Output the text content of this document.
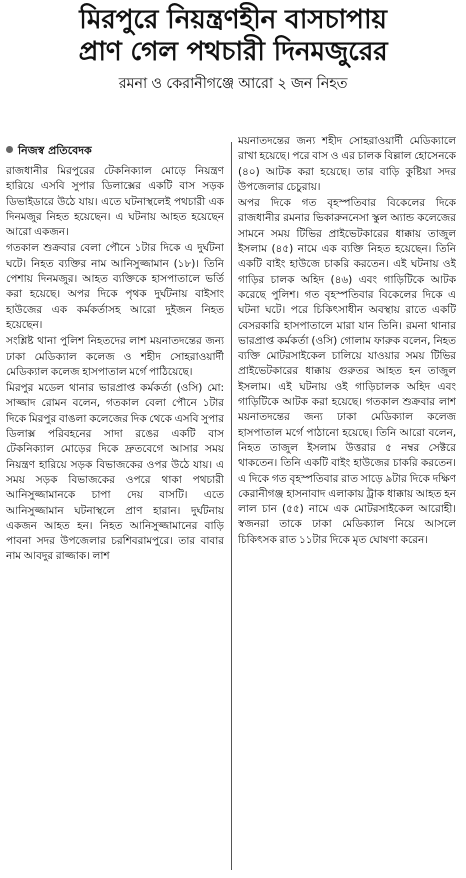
মিরপুরে নিয়ন্ত্রণহীন বাসচাপায়
প্রাণ গেল পথচারী দিনমজুরের
রমনা ও কেরানীগঞ্জে আরো ২ জন নিহত
নিজস্ব প্রতিবেদক

রাজধানীর মিরপুরের টেকনিক্যাল মোড়ে নিয়ন্ত্রণ হারিয়ে এসবি সুপার ডিলাক্সের একটি বাস সড়ক ডিভাইডারে উঠে যায়। এতে ঘটনাস্থলেই পথচারী এক দিনমজুর নিহত হয়েছেন। এ ঘটনায় আহত হয়েছেন আরো একজন।

গতকাল শুক্রবার বেলা পৌনে ১টার দিকে এ দুর্ঘটনা ঘটে। নিহত ব্যক্তির নাম আনিসুজ্জামান (১৮)। তিনি পেশায় দিনমজুর। আহত ব্যক্তিকে হাসপাতালে ভর্তি করা হয়েছে। অপর দিকে পৃথক দুর্ঘটনায় বাইসাং হাউজের এক কর্মকর্তাসহ আরো দুইজন নিহত হয়েছেন।

সংশ্লিষ্ট থানা পুলিশ নিহতদের লাশ ময়নাতদন্তের জন্য ঢাকা মেডিক্যাল কলেজ ও শহীদ সোহরাওয়ার্দী মেডিক্যাল কলেজ হাসপাতাল মর্গে পাঠিয়েছে।

মিরপুর মডেল থানার ভারপ্রাপ্ত কর্মকর্তা (ওসি) মো: সাজ্জাদ রোমন বলেন, গতকাল বেলা পৌনে ১টার দিকে মিরপুর বাঙলা কলেজের দিক থেকে এসবি সুপার ডিলাক্স পরিবহনের সাদা রঙের একটি বাস টেকনিক্যাল মোড়ের দিকে দ্রুতবেগে আসার সময় নিয়ন্ত্রণ হারিয়ে সড়ক বিভাজকের ওপর উঠে যায়। এ সময় সড়ক বিভাজকের ওপরে থাকা পথচারী আনিসুজ্জামানকে চাপা দেয় বাসটি। এতে আনিসুজ্জামান ঘটনাস্থলে প্রাণ হারান। দুর্ঘটনায় একজন আহত হন। নিহত আনিসুজ্জামানের বাড়ি পাবনা সদর উপজেলার চরশিবরামপুরে। তার বাবার নাম আবদুর রাজ্জাক। লাশ

ময়নাতদন্তের জন্য শহীদ সোহরাওয়ার্দী মেডিক্যালে রাখা হয়েছে। পরে বাস ও এর চালক বিল্লাল হোসেনকে (৪০) আটক করা হয়েছে। তার বাড়ি কুষ্টিয়া সদর উপজেলার চেচুরায়।

অপর দিকে গত বৃহস্পতিবার বিকেলের দিকে রাজধানীর রমনার ভিকারুননেসা স্কুল অ্যান্ড কলেজের সামনে সময় টিভির প্রাইভেটকারের ধাক্কায় তাজুল ইসলাম (৪৫) নামে এক ব্যক্তি নিহত হয়েছেন। তিনি একটি বাইং হাউজে চাকরি করতেন। এই ঘটনায় ওই গাড়ির চালক অহিদ (৪৬) এবং গাড়িটিকে আটক করেছে পুলিশ। গত বৃহস্পতিবার বিকেলের দিকে এ ঘটনা ঘটে। পরে চিকিৎসাধীন অবস্থায় রাতে একটি বেসরকারি হাসপাতালে মারা যান তিনি। রমনা থানার ভারপ্রাপ্ত কর্মকর্তা (ওসি) গোলাম ফারুক বলেন, নিহত ব্যক্তি মোটরসাইকেল চালিয়ে যাওয়ার সময় টিভির প্রাইভেটকারের ধাক্কায় গুরুতর আহত হন তাজুল ইসলাম। এই ঘটনায় ওই গাড়িচালক অহিদ এবং গাড়িটিকে আটক করা হয়েছে। গতকাল শুক্রবার লাশ ময়নাতদন্তের জন্য ঢাকা মেডিক্যাল কলেজ হাসপাতাল মর্গে পাঠানো হয়েছে। তিনি আরো বলেন, নিহত তাজুল ইসলাম উত্তরার ৫ নম্বর সেক্টরে থাকতেন। তিনি একটি বাইং হাউজের চাকরি করতেন। এ দিকে গত বৃহস্পতিবার রাত সাড়ে ৯টার দিকে দক্ষিণ কেরানীগঞ্জ হাসনাবাদ এলাকায় ট্রাক ধাক্কায় আহত হন লাল চান (৫৫) নামে এক মোটরসাইকেল আরোহী। স্বজনরা তাকে ঢাকা মেডিক্যাল নিয়ে আসলে চিকিৎসক রাত ১১টার দিকে মৃত ঘোষণা করেন।
